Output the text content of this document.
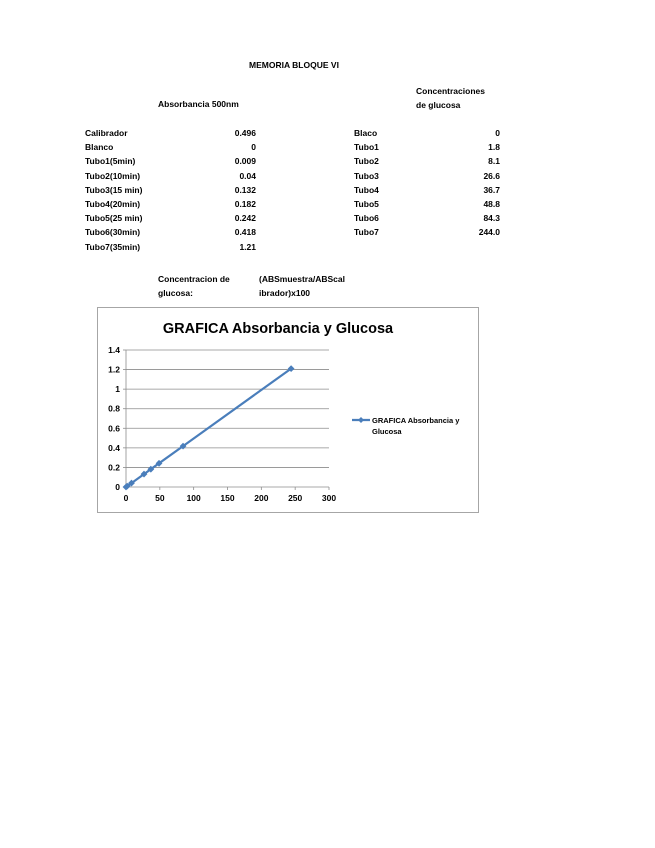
MEMORIA BLOQUE VI
Absorbancia 500nm
Calibrador	0.496
Blanco	0
Tubo1(5min)	0.009
Tubo2(10min)	0.04
Tubo3(15 min)	0.132
Tubo4(20min)	0.182
Tubo5(25 min)	0.242
Tubo6(30min)	0.418
Tubo7(35min)	1.21
Concentraciones
de glucosa
Blaco	0
Tubo1	1.8
Tubo2	8.1
Tubo3	26.6
Tubo4	36.7
Tubo5	48.8
Tubo6	84.3
Tubo7	244.0
Concentracion de
glucosa:
(ABSmuestra/ABScal
ibrador)x100
GRAFICA Absorbancia y Glucosa
0
0.2
0.4
0.6
0.8
1
1.2
1.4
0	50	100 150 200 250 300
GRAFICA Absorbancia y
Glucosa
